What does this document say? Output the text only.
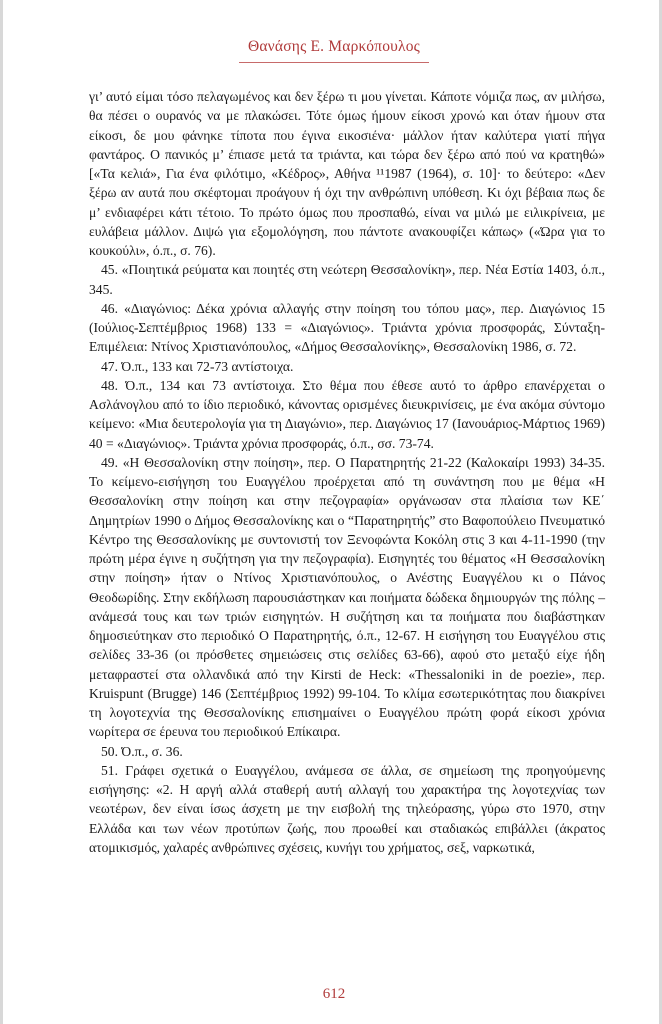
Θανάσης Ε. Μαρκόπουλος

γι’ αυτό είμαι τόσο πελαγωμένος και δεν ξέρω τι μου γίνεται. Κάποτε νόμιζα πως, αν μιλήσω, θα πέσει ο ουρανός να με πλακώσει. Τότε όμως ήμουν είκοσι χρονώ και όταν ήμουν στα είκοσι, δε μου φάνηκε τίποτα που έγινα εικοσιένα· μάλλον ήταν καλύτερα γιατί πήγα φαντάρος. Ο πανικός μ’ έπιασε μετά τα τριάντα, και τώρα δεν ξέρω από πού να κρατηθώ» [«Τα κελιά», Για ένα φιλότιμο, «Κέδρος», Αθήνα ¹¹1987 (1964), σ. 10]· το δεύτερο: «Δεν ξέρω αν αυτά που σκέφτομαι προάγουν ή όχι την ανθρώπινη υπόθεση. Κι όχι βέβαια πως δε μ’ ενδιαφέρει κάτι τέτοιο. Το πρώτο όμως που προσπαθώ, είναι να μιλώ με ειλικρίνεια, με ευλάβεια μάλλον. Διψώ για εξομολόγηση, που πάντοτε ανακουφίζει κάπως» («Ώρα για το κουκούλι», ό.π., σ. 76).

45. «Ποιητικά ρεύματα και ποιητές στη νεώτερη Θεσσαλονίκη», περ. Νέα Εστία 1403, ό.π., 345.

46. «Διαγώνιος: Δέκα χρόνια αλλαγής στην ποίηση του τόπου μας», περ. Διαγώνιος 15 (Ιούλιος-Σεπτέμβριος 1968) 133 = «Διαγώνιος». Τριάντα χρόνια προσφοράς, Σύνταξη-Επιμέλεια: Ντίνος Χριστιανόπουλος, «Δήμος Θεσσαλονίκης», Θεσσαλονίκη 1986, σ. 72.

47. Ό.π., 133 και 72-73 αντίστοιχα.

48. Ό.π., 134 και 73 αντίστοιχα. Στο θέμα που έθεσε αυτό το άρθρο επανέρχεται ο Ασλάνογλου από το ίδιο περιοδικό, κάνοντας ορισμένες διευκρινίσεις, με ένα ακόμα σύντομο κείμενο: «Μια δευτερολογία για τη Διαγώνιο», περ. Διαγώνιος 17 (Ιανουάριος-Μάρτιος 1969) 40 = «Διαγώνιος». Τριάντα χρόνια προσφοράς, ό.π., σσ. 73-74.

49. «Η Θεσσαλονίκη στην ποίηση», περ. Ο Παρατηρητής 21-22 (Καλοκαίρι 1993) 34-35. Το κείμενο-εισήγηση του Ευαγγέλου προέρχεται από τη συνάντηση που με θέμα «Η Θεσσαλονίκη στην ποίηση και στην πεζογραφία» οργάνωσαν στα πλαίσια των ΚΕ΄ Δημητρίων 1990 ο Δήμος Θεσσαλονίκης και ο “Παρατηρητής” στο Βαφοπούλειο Πνευματικό Κέντρο της Θεσσαλονίκης με συντονιστή τον Ξενοφώντα Κοκόλη στις 3 και 4-11-1990 (την πρώτη μέρα έγινε η συζήτηση για την πεζογραφία). Εισηγητές του θέματος «Η Θεσσαλονίκη στην ποίηση» ήταν ο Ντίνος Χριστιανόπουλος, ο Ανέστης Ευαγγέλου κι ο Πάνος Θεοδωρίδης. Στην εκδήλωση παρουσιάστηκαν και ποιήματα δώδεκα δημιουργών της πόλης –ανάμεσά τους και των τριών εισηγητών. Η συζήτηση και τα ποιήματα που διαβάστηκαν δημοσιεύτηκαν στο περιοδικό Ο Παρατηρητής, ό.π., 12-67. Η εισήγηση του Ευαγγέλου στις σελίδες 33-36 (οι πρόσθετες σημειώσεις στις σελίδες 63-66), αφού στο μεταξύ είχε ήδη μεταφραστεί στα ολλανδικά από την Kirsti de Heck: «Thessaloniki in de poezie», περ. Kruispunt (Brugge) 146 (Σεπτέμβριος 1992) 99-104. Το κλίμα εσωτερικότητας που διακρίνει τη λογοτεχνία της Θεσσαλονίκης επισημαίνει ο Ευαγγέλου πρώτη φορά είκοσι χρόνια νωρίτερα σε έρευνα του περιοδικού Επίκαιρα.

50. Ό.π., σ. 36.

51. Γράφει σχετικά ο Ευαγγέλου, ανάμεσα σε άλλα, σε σημείωση της προηγούμενης εισήγησης: «2. Η αργή αλλά σταθερή αυτή αλλαγή του χαρακτήρα της λογοτεχνίας των νεωτέρων, δεν είναι ίσως άσχετη με την εισβολή της τηλεόρασης, γύρω στο 1970, στην Ελλάδα και των νέων προτύπων ζωής, που προωθεί και σταδιακώς επιβάλλει (άκρατος ατομικισμός, χαλαρές ανθρώπινες σχέσεις, κυνήγι του χρήματος, σεξ, ναρκωτικά,

612
